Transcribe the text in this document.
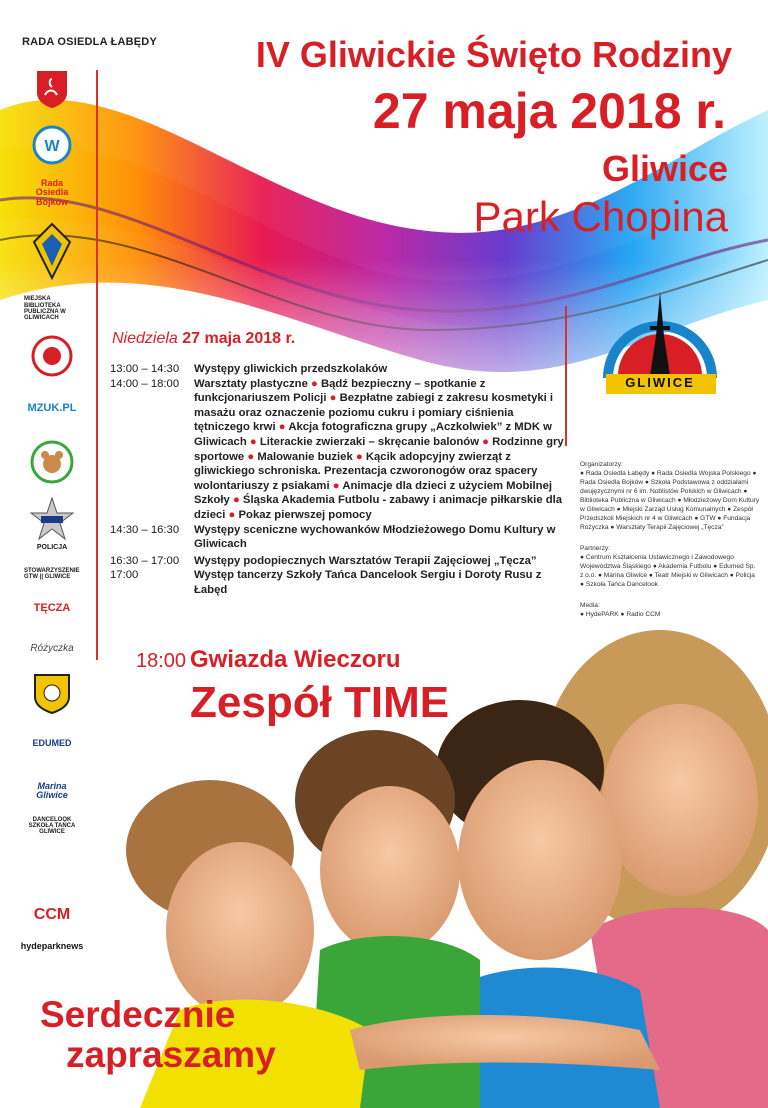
RADA OSIEDLA ŁABĘDY
W
Rada Osiedla Bojków
MIEJSKA BIBLIOTEKA PUBLICZNA W GLIWICACH
MZUK.PL
POLICJA
STOWARZYSZENIE GTW || GLIWICE
TĘCZA
Różyczka
EDUMED
Marina Gliwice
DANCELOOK SZKOŁA TAŃCA GLIWICE
CCM
hydeparknews
IV Gliwickie Święto Rodziny
27 maja 2018 r.
Gliwice
Park Chopina
GLIWICE
Niedziela 27 maja 2018 r.
13:00 – 14:30	Występy gliwickich przedszkolaków
14:00 – 18:00	Warsztaty plastyczne ● Bądź bezpieczny – spotkanie z funkcjonariuszem Policji ● Bezpłatne zabiegi z zakresu kosmetyki i masażu oraz oznaczenie poziomu cukru i pomiary ciśnienia tętniczego krwi ● Akcja fotograficzna grupy „Aczkolwiek” z MDK w Gliwicach ● Literackie zwierzaki – skręcanie balonów ● Rodzinne gry sportowe ● Malowanie buziek ● Kącik adopcyjny zwierząt z gliwickiego schroniska. Prezentacja czworonogów oraz spacery wolontariuszy z psiakami ● Animacje dla dzieci z użyciem Mobilnej Szkoły ● Śląska Akademia Futbolu - zabawy i animacje piłkarskie dla dzieci ● Pokaz pierwszej pomocy
14:30 – 16:30	Występy sceniczne wychowanków Młodzieżowego Domu Kultury w Gliwicach
16:30 – 17:00	Występy podopiecznych Warsztatów Terapii Zajęciowej „Tęcza”
17:00	Występ tancerzy Szkoły Tańca Dancelook Sergiu i Doroty Rusu z Łabęd
Organizatorzy:
● Rada Osiedla Łabędy ● Rada Osiedla Wojska Polskiego ● Rada Osiedla Bojków ● Szkoła Podstawowa z oddziałami dwujęzycznymi nr 6 im. Noblistów Polskich w Gliwicach ● Biblioteka Publiczna w Gliwicach ● Młodzieżowy Dom Kultury w Gliwicach ● Miejski Zarząd Usług Komunalnych ● Zespół Przedszkoli Miejskich nr 4 w Gliwicach ● GTW ● Fundacja Różyczka ● Warsztaty Terapii Zajęciowej „Tęcza”
Partnerzy:
● Centrum Kształcenia Ustawicznego i Zawodowego Województwa Śląskiego ● Akademia Futbolu ● Edumed Sp. z o.o. ● Marina Gliwice ● Teatr Miejski w Gliwicach ● Policja ● Szkoła Tańca Dancelook
Media:
● HydePARK ● Radio CCM
18:00 Gwiazda Wieczoru
Zespół TIME
Serdecznie
zapraszamy
